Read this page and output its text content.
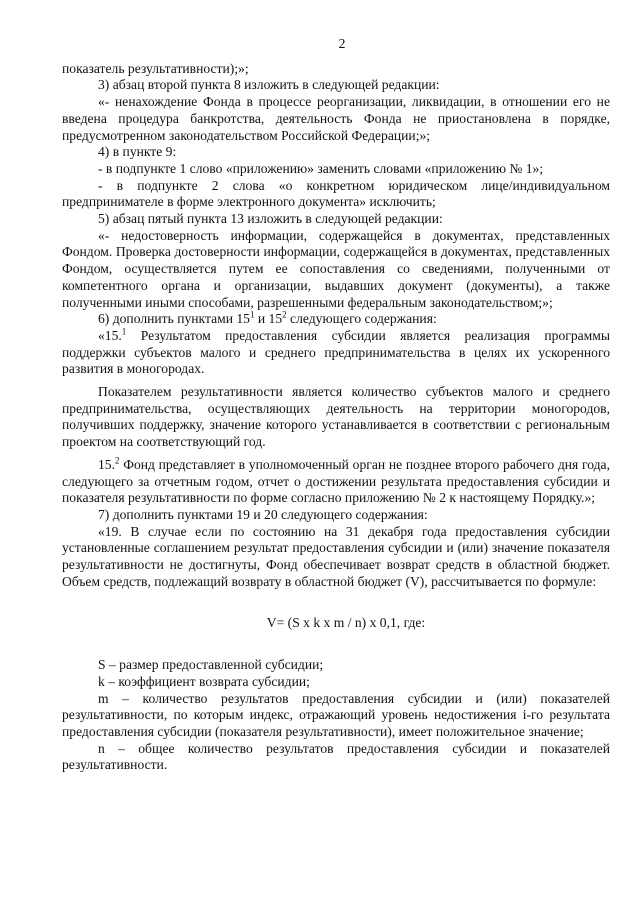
2

показатель результативности);»;

3) абзац второй пункта 8 изложить в следующей редакции:

«- ненахождение Фонда в процессе реорганизации, ликвидации, в отношении его не введена процедура банкротства, деятельность Фонда не приостановлена в порядке, предусмотренном законодательством Российской Федерации;»;

4) в пункте 9:

- в подпункте 1 слово «приложению» заменить словами «приложению № 1»;

- в подпункте 2 слова «о конкретном юридическом лице/индивидуальном предпринимателе в форме электронного документа» исключить;

5) абзац пятый пункта 13 изложить в следующей редакции:

«- недостоверность информации, содержащейся в документах, представленных Фондом. Проверка достоверности информации, содержащейся в документах, представленных Фондом, осуществляется путем ее сопоставления со сведениями, полученными от компетентного органа и организации, выдавших документ (документы), а также полученными иными способами, разрешенными федеральным законодательством;»;

6) дополнить пунктами $15^1$ и $15^2$ следующего содержания:

«15.$^1$ Результатом предоставления субсидии является реализация программы поддержки субъектов малого и среднего предпринимательства в целях их ускоренного развития в моногородах.

Показателем результативности является количество субъектов малого и среднего предпринимательства, осуществляющих деятельность на территории моногородов, получивших поддержку, значение которого устанавливается в соответствии с региональным проектом на соответствующий год.

15.$^2$ Фонд представляет в уполномоченный орган не позднее второго рабочего дня года, следующего за отчетным годом, отчет о достижении результата предоставления субсидии и показателя результативности по форме согласно приложению № 2 к настоящему Порядку.»;

7) дополнить пунктами 19 и 20 следующего содержания:

«19. В случае если по состоянию на 31 декабря года предоставления субсидии установленные соглашением результат предоставления субсидии и (или) значение показателя результативности не достигнуты, Фонд обеспечивает возврат средств в областной бюджет. Объем средств, подлежащий возврату в областной бюджет (V), рассчитывается по формуле:

V= (S x k x m / n) x 0,1, где:

S – размер предоставленной субсидии;

k – коэффициент возврата субсидии;

m – количество результатов предоставления субсидии и (или) показателей результативности, по которым индекс, отражающий уровень недостижения i-го результата предоставления субсидии (показателя результативности), имеет положительное значение;

n – общее количество результатов предоставления субсидии и показателей результативности.
